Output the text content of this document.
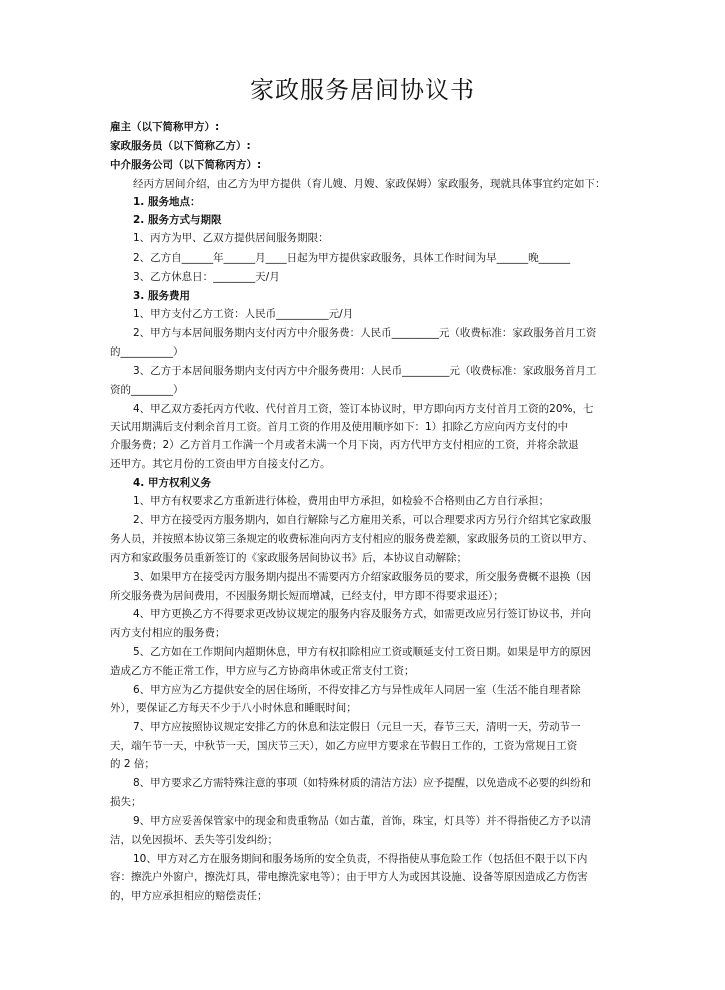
家政服务居间协议书
雇主（以下简称甲方）:
家政服务员（以下简称乙方）:
中介服务公司（以下简称丙方）:
经丙方居间介绍，由乙方为甲方提供（育儿嫂、月嫂、家政保姆）家政服务，现就具体事宜约定如下：
1. 服务地点：
2. 服务方式与期限
1、丙方为甲、乙双方提供居间服务期限：
2、乙方自______年______月____日起为甲方提供家政服务，具体工作时间为早______晚______
3、乙方休息日：________天/月
3. 服务费用
1、甲方支付乙方工资：人民币__________元/月
2、甲方与本居间服务期内支付丙方中介服务费：人民币_________元（收费标准：家政服务首月工资
的__________）
3、乙方于本居间服务期内支付丙方中介服务费用：人民币_________元（收费标准：家政服务首月工
资的________）
4、甲乙双方委托丙方代收、代付首月工资，签订本协议时，甲方即向丙方支付首月工资的20%，七
天试用期满后支付剩余首月工资。首月工资的作用及使用顺序如下：1）扣除乙方应向丙方支付的中
介服务费；2）乙方首月工作满一个月或者未满一个月下岗，丙方代甲方支付相应的工资，并将余款退
还甲方。其它月份的工资由甲方自接支付乙方。
4. 甲方权利义务
1、甲方有权要求乙方重新进行体检，费用由甲方承担，如检验不合格则由乙方自行承担；
2、甲方在接受丙方服务期内，如自行解除与乙方雇用关系，可以合理要求丙方另行介绍其它家政服
务人员，并按照本协议第三条规定的收费标准向丙方支付相应的服务费差额，家政服务员的工资以甲方、
丙方和家政服务员重新签订的《家政服务居间协议书》后，本协议自动解除；
3、如果甲方在接受丙方服务期内提出不需要丙方介绍家政服务员的要求，所交服务费概不退换（因
所交服务费为居间费用，不因服务期长短而增减，已经支付，甲方即不得要求退还）；
4、甲方更换乙方不得要求更改协议规定的服务内容及服务方式，如需更改应另行签订协议书，并向
丙方支付相应的服务费；
5、乙方如在工作期间内超期休息，甲方有权扣除相应工资或顺延支付工资日期。如果是甲方的原因
造成乙方不能正常工作，甲方应与乙方协商串休或正常支付工资；
6、甲方应为乙方提供安全的居住场所，不得安排乙方与异性成年人同居一室（生活不能自理者除
外），要保证乙方每天不少于八小时休息和睡眠时间；
7、甲方应按照协议规定安排乙方的休息和法定假日（元旦一天，春节三天，清明一天，劳动节一
天，端午节一天，中秋节一天，国庆节三天），如乙方应甲方要求在节假日工作的，工资为常规日工资
的 2 倍；
8、甲方要求乙方需特殊注意的事项（如特殊材质的清洁方法）应予提醒，以免造成不必要的纠纷和
损失；
9、甲方应妥善保管家中的现金和贵重物品（如古董，首饰，珠宝，灯具等）并不得指使乙方予以清
洁，以免因损坏、丢失等引发纠纷；
10、甲方对乙方在服务期间和服务场所的安全负责，不得指使从事危险工作（包括但不限于以下内
容：擦洗户外窗户，擦洗灯具，带电擦洗家电等）；由于甲方人为或因其设施、设备等原因造成乙方伤害
的，甲方应承担相应的赔偿责任；
